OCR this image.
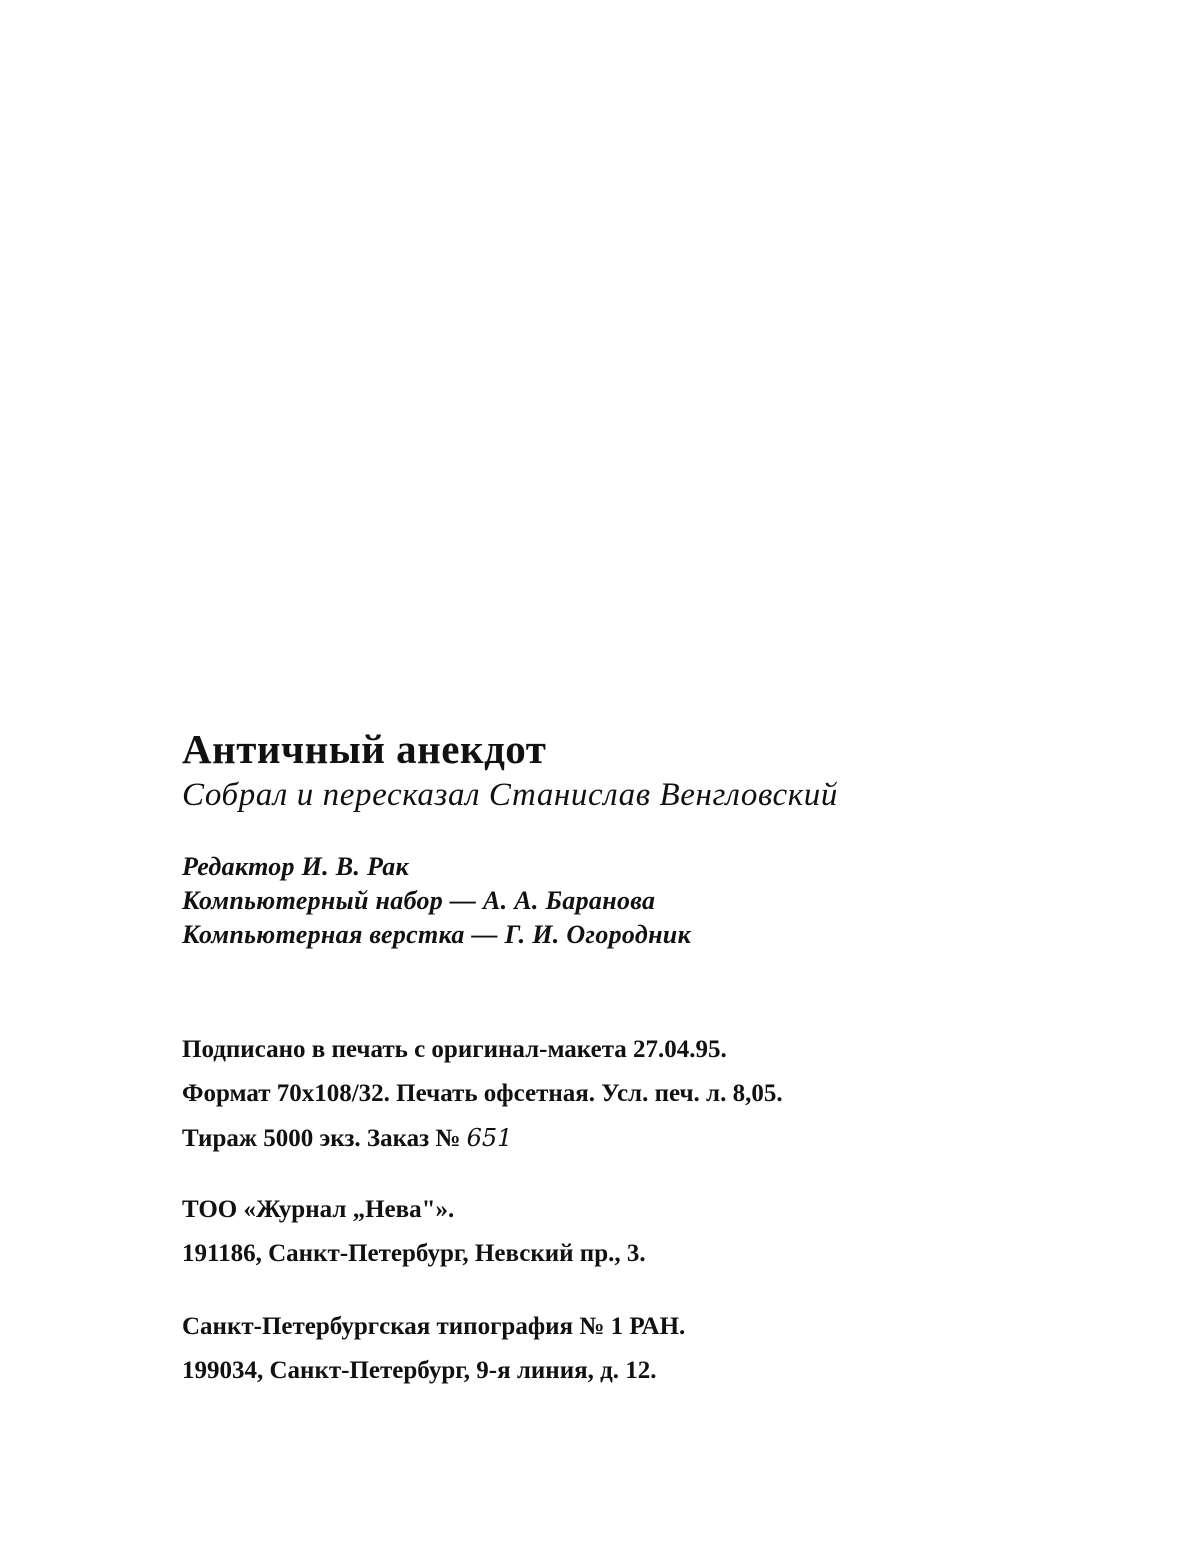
Античный анекдот
Собрал и пересказал Станислав Венгловский
Редактор И. В. Рак
Компьютерный набор — А. А. Баранова
Компьютерная верстка — Г. И. Огородник
Подписано в печать с оригинал-макета 27.04.95.
Формат 70х108/32. Печать офсетная. Усл. печ. л. 8,05.
Тираж 5000 экз. Заказ № 651
ТОО «Журнал „Нева"».
191186, Санкт-Петербург, Невский пр., 3.
Санкт-Петербургская типография № 1 РАН.
199034, Санкт-Петербург, 9-я линия, д. 12.
